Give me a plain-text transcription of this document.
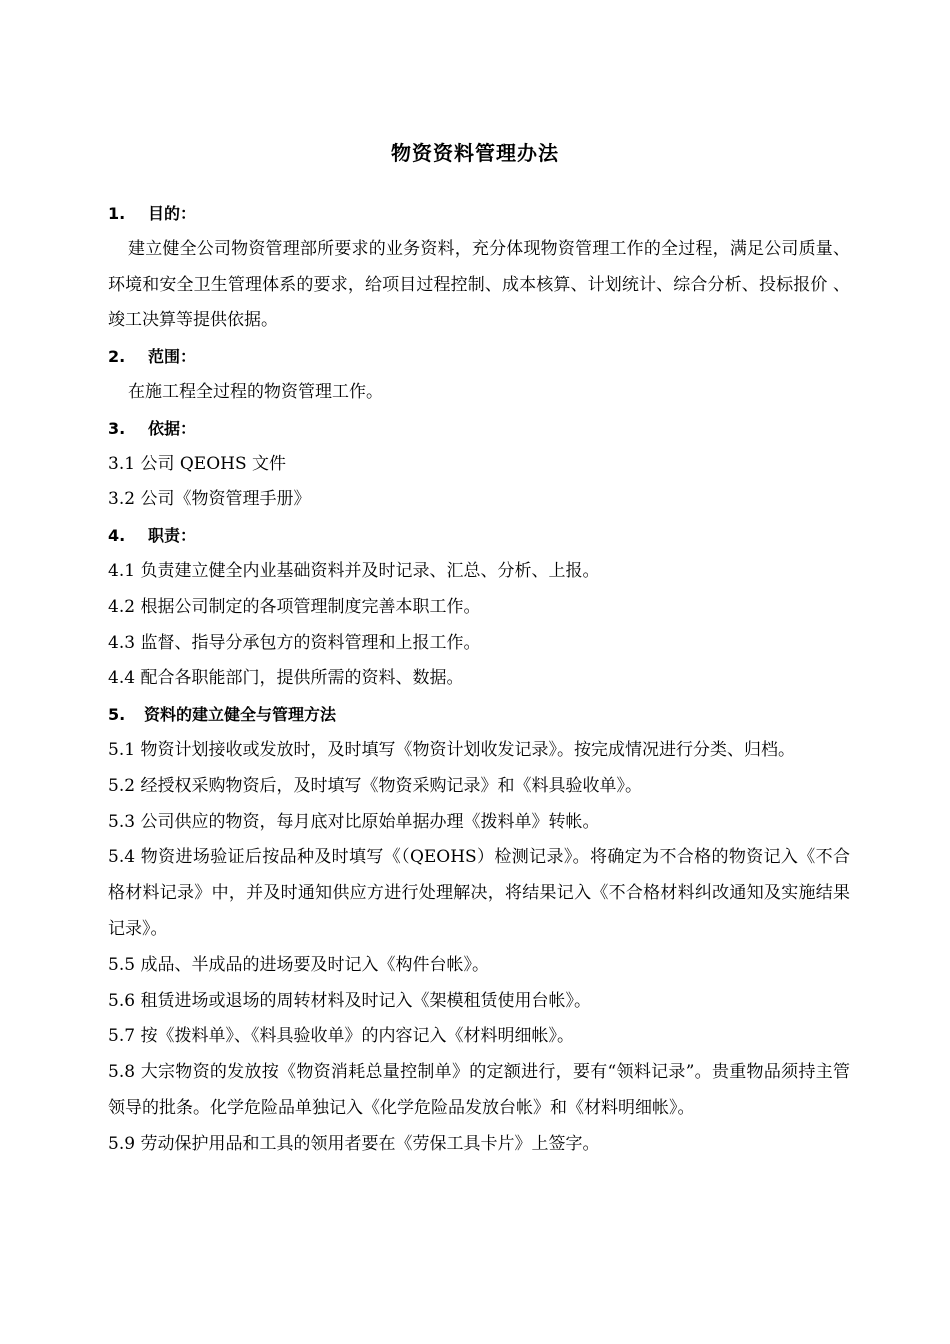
物资资料管理办法
1. 目的：
建立健全公司物资管理部所要求的业务资料，充分体现物资管理工作的全过程，满足公司质量、环境和安全卫生管理体系的要求，给项目过程控制、成本核算、计划统计、综合分析、投标报价 、竣工决算等提供依据。
2. 范围：
在施工程全过程的物资管理工作。
3. 依据：
3.1 公司 QEOHS 文件
3.2 公司《物资管理手册》
4. 职责：
4.1 负责建立健全内业基础资料并及时记录、汇总、分析、上报。
4.2 根据公司制定的各项管理制度完善本职工作。
4.3 监督、指导分承包方的资料管理和上报工作。
4.4 配合各职能部门，提供所需的资料、数据。
5. 资料的建立健全与管理方法
5.1 物资计划接收或发放时，及时填写《物资计划收发记录》。按完成情况进行分类、归档。
5.2 经授权采购物资后，及时填写《物资采购记录》和《料具验收单》。
5.3 公司供应的物资，每月底对比原始单据办理《拨料单》转帐。
5.4 物资进场验证后按品种及时填写《（QEOHS）检测记录》。将确定为不合格的物资记入《不合格材料记录》中，并及时通知供应方进行处理解决，将结果记入《不合格材料纠改通知及实施结果记录》。
5.5 成品、半成品的进场要及时记入《构件台帐》。
5.6 租赁进场或退场的周转材料及时记入《架模租赁使用台帐》。
5.7 按《拨料单》、《料具验收单》的内容记入《材料明细帐》。
5.8 大宗物资的发放按《物资消耗总量控制单》的定额进行，要有“领料记录”。贵重物品须持主管领导的批条。化学危险品单独记入《化学危险品发放台帐》和《材料明细帐》。
5.9 劳动保护用品和工具的领用者要在《劳保工具卡片》上签字。
